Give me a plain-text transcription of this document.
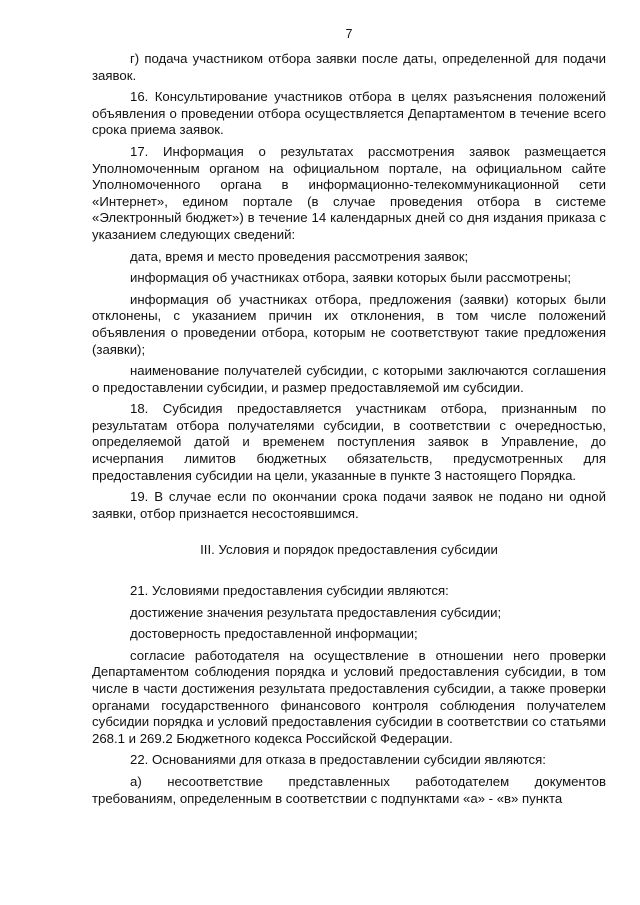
7

г) подача участником отбора заявки после даты, определенной для подачи заявок.

16. Консультирование участников отбора в целях разъяснения положений объявления о проведении отбора осуществляется Департаментом в течение всего срока приема заявок.

17. Информация о результатах рассмотрения заявок размещается Уполномоченным органом на официальном портале, на официальном сайте Уполномоченного органа в информационно-телекоммуникационной сети «Интернет», едином портале (в случае проведения отбора в системе «Электронный бюджет») в течение 14 календарных дней со дня издания приказа с указанием следующих сведений:

дата, время и место проведения рассмотрения заявок;

информация об участниках отбора, заявки которых были рассмотрены;

информация об участниках отбора, предложения (заявки) которых были отклонены, с указанием причин их отклонения, в том числе положений объявления о проведении отбора, которым не соответствуют такие предложения (заявки);

наименование получателей субсидии, с которыми заключаются соглашения о предоставлении субсидии, и размер предоставляемой им субсидии.

18. Субсидия предоставляется участникам отбора, признанным по результатам отбора получателями субсидии, в соответствии с очередностью, определяемой датой и временем поступления заявок в Управление, до исчерпания лимитов бюджетных обязательств, предусмотренных для предоставления субсидии на цели, указанные в пункте 3 настоящего Порядка.

19. В случае если по окончании срока подачи заявок не подано ни одной заявки, отбор признается несостоявшимся.

III. Условия и порядок предоставления субсидии

21. Условиями предоставления субсидии являются:

достижение значения результата предоставления субсидии;

достоверность предоставленной информации;

согласие работодателя на осуществление в отношении него проверки Департаментом соблюдения порядка и условий предоставления субсидии, в том числе в части достижения результата предоставления субсидии, а также проверки органами государственного финансового контроля соблюдения получателем субсидии порядка и условий предоставления субсидии в соответствии со статьями 268.1 и 269.2 Бюджетного кодекса Российской Федерации.

22. Основаниями для отказа в предоставлении субсидии являются:

а) несоответствие представленных работодателем документов требованиям, определенным в соответствии с подпунктами «а» - «в» пункта
